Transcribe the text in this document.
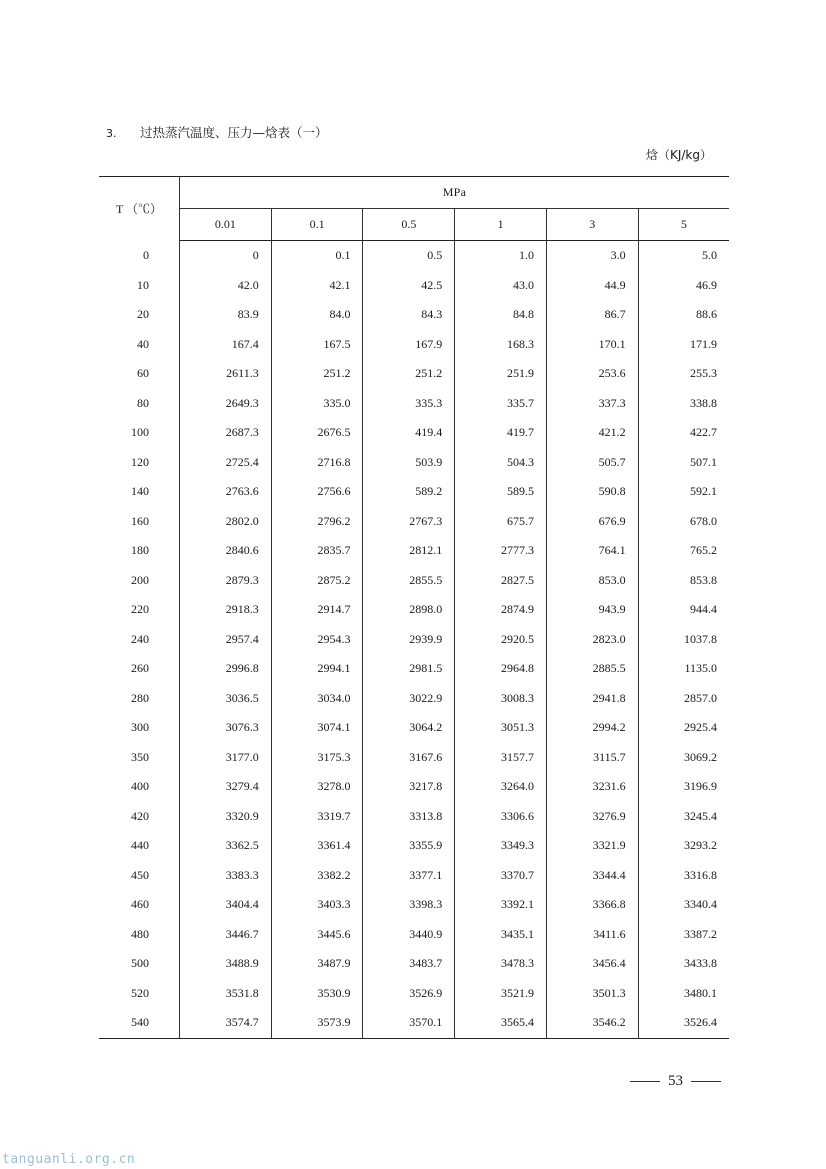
3. 过热蒸汽温度、压力—焓表（一）
焓（KJ/kg）
T （℃）	MPa					
	0.01	0.1	0.5	1	3	5
0	0	0.1	0.5	1.0	3.0	5.0
10	42.0	42.1	42.5	43.0	44.9	46.9
20	83.9	84.0	84.3	84.8	86.7	88.6
40	167.4	167.5	167.9	168.3	170.1	171.9
60	2611.3	251.2	251.2	251.9	253.6	255.3
80	2649.3	335.0	335.3	335.7	337.3	338.8
100	2687.3	2676.5	419.4	419.7	421.2	422.7
120	2725.4	2716.8	503.9	504.3	505.7	507.1
140	2763.6	2756.6	589.2	589.5	590.8	592.1
160	2802.0	2796.2	2767.3	675.7	676.9	678.0
180	2840.6	2835.7	2812.1	2777.3	764.1	765.2
200	2879.3	2875.2	2855.5	2827.5	853.0	853.8
220	2918.3	2914.7	2898.0	2874.9	943.9	944.4
240	2957.4	2954.3	2939.9	2920.5	2823.0	1037.8
260	2996.8	2994.1	2981.5	2964.8	2885.5	1135.0
280	3036.5	3034.0	3022.9	3008.3	2941.8	2857.0
300	3076.3	3074.1	3064.2	3051.3	2994.2	2925.4
350	3177.0	3175.3	3167.6	3157.7	3115.7	3069.2
400	3279.4	3278.0	3217.8	3264.0	3231.6	3196.9
420	3320.9	3319.7	3313.8	3306.6	3276.9	3245.4
440	3362.5	3361.4	3355.9	3349.3	3321.9	3293.2
450	3383.3	3382.2	3377.1	3370.7	3344.4	3316.8
460	3404.4	3403.3	3398.3	3392.1	3366.8	3340.4
480	3446.7	3445.6	3440.9	3435.1	3411.6	3387.2
500	3488.9	3487.9	3483.7	3478.3	3456.4	3433.8
520	3531.8	3530.9	3526.9	3521.9	3501.3	3480.1
540	3574.7	3573.9	3570.1	3565.4	3546.2	3526.4
53
tanguanli.org.cn
